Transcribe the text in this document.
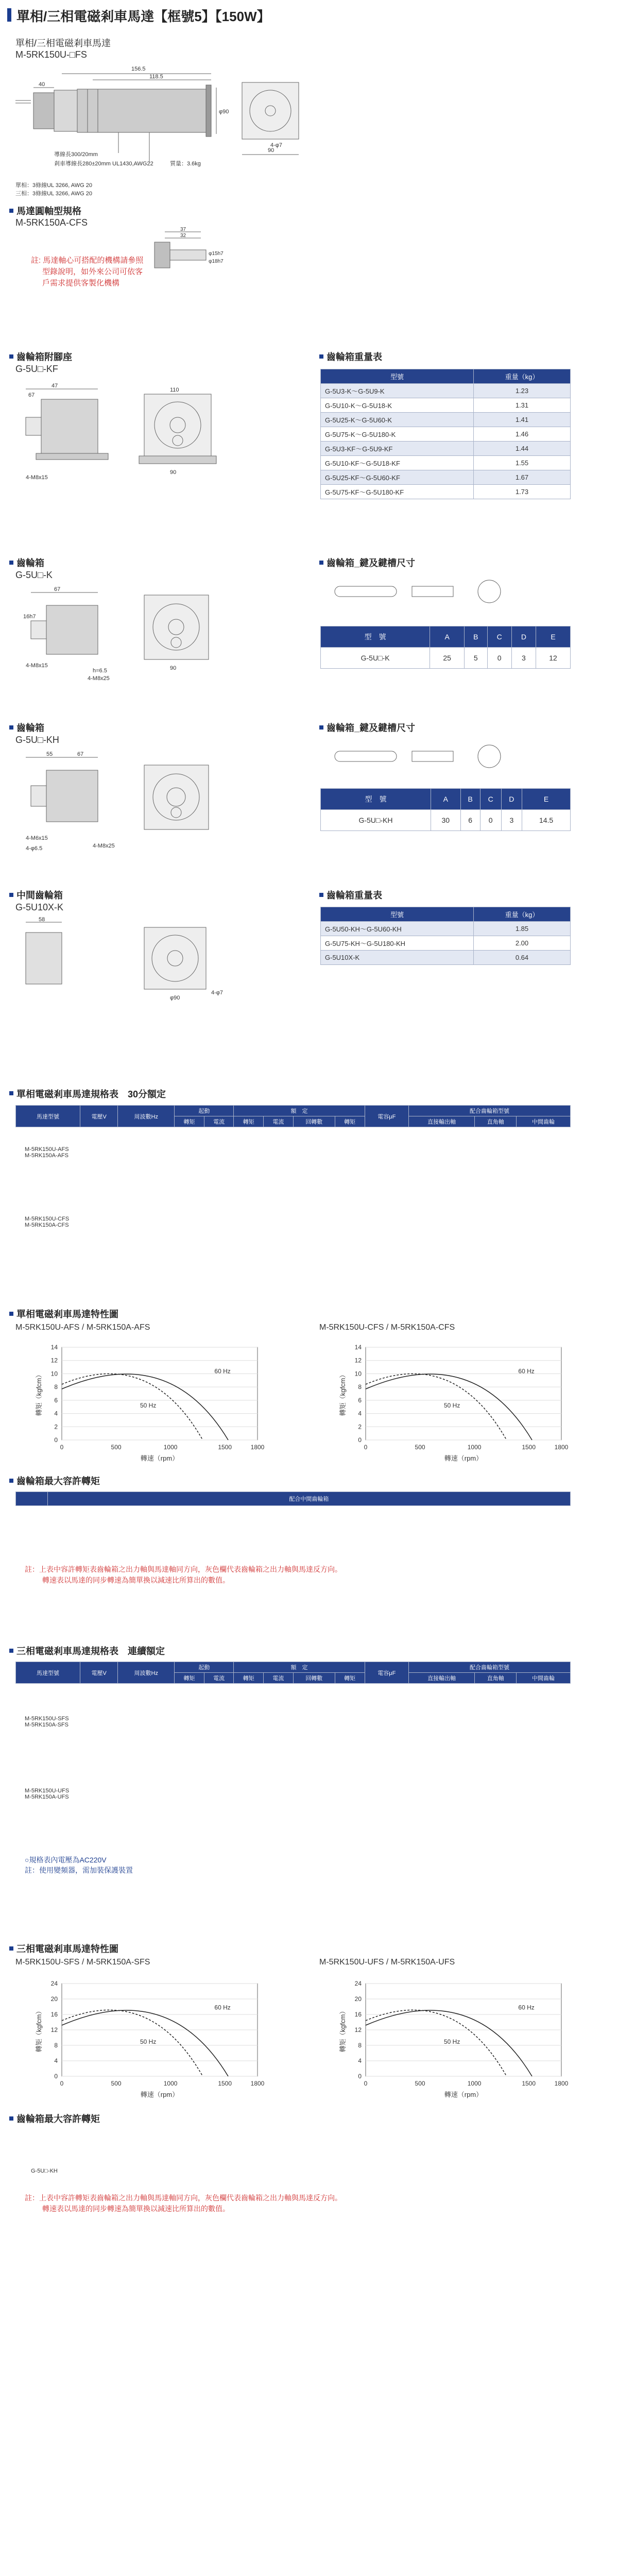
單相/三相電磁剎車馬達【框號5】【150W】
單相/三相電磁剎車馬達
M-5RK150U-□FS
156.5
118.5
40
φ90
90
4-φ7
導線長300/20mm
剎車導線長280±20mm UL1430,AWG22	質量：3.6kg
單相：3條線UL 3266, AWG 20
三相：3條線UL 3266, AWG 20
馬達圓軸型規格
M-5RK150A-CFS
37
32
φ15h7
φ18h7
註: 馬達軸心可搭配的機構請參照
型錄說明，如外來公司可依客
戶需求提供客製化機構
齒輪箱附腳座
G-5U□-KF
47
67
110
90
4-M8x15
齒輪箱重量表
型號	重量（kg）
G-5U3-K～G-5U9-K	1.23
G-5U10-K～G-5U18-K	1.31
G-5U25-K～G-5U60-K	1.41
G-5U75-K～G-5U180-K	1.46
G-5U3-KF～G-5U9-KF	1.44
G-5U10-KF～G-5U18-KF	1.55
G-5U25-KF～G-5U60-KF	1.67
G-5U75-KF～G-5U180-KF	1.73
齒輪箱
G-5U□-K
67
16h7
90
4-M8x15
h=6.5
4-M8x25
齒輪箱_鍵及鍵槽尺寸
型　號	A	B	C	D	E
G-5U□-K	25	5	0	3	12
齒輪箱
G-5U□-KH
55	67
4-M6x15
4-φ6.5	4-M8x25
齒輪箱_鍵及鍵槽尺寸
型　號	A	B	C	D	E
G-5U□-KH	30	6	0	3	14.5
中間齒輪箱
G-5U10X-K
58
φ90
4-φ7
齒輪箱重量表
型號	重量（kg）
G-5U50-KH～G-5U60-KH	1.85
G-5U75-KH～G-5U180-KH	2.00
G-5U10X-K	0.64
單相電磁剎車馬達規格表　30分額定
馬達型號	電壓V	周波數Hz	起動		額　定				電容μF	配合齒輪箱型號		
			轉矩	電流	轉矩	電流	回轉數	轉矩		直接輸出軸	直角軸	中間齒輪
M-5RK150U-AFS
M-5RK150A-AFS
M-5RK150U-CFS
M-5RK150A-CFS
單相電磁剎車馬達特性圖
M-5RK150U-AFS / M-5RK150A-AFS	M-5RK150U-CFS / M-5RK150A-CFS
0
2
4
6
8
10
12
14
0	500	1000	1500	1800
轉速（rpm）
轉矩（kgfcm）
60 Hz
50 Hz
0
2
4
6
8
10
12
14
0	500	1000	1500	1800
轉速（rpm）
轉矩（kgfcm）
60 Hz
50 Hz
齒輪箱最大容許轉矩
	配合中間齒輪箱

註：上表中容許轉矩表齒輪箱之出力軸與馬達軸同方向，灰色欄代表齒輪箱之出力軸與馬達反方向。
轉速表以馬達的同步轉速為簡單換以減速比所算出的數值。
三相電磁剎車馬達規格表　連續額定
馬達型號	電壓V	周波數Hz	起動		額　定				電容μF	配合齒輪箱型號		
			轉矩	電流	轉矩	電流	回轉數	轉矩		直接輸出軸	直角軸	中間齒輪
M-5RK150U-SFS
M-5RK150A-SFS
M-5RK150U-UFS
M-5RK150A-UFS
○規格表內電壓為AC220V
註：使用變頻器，需加裝保護裝置
三相電磁剎車馬達特性圖
M-5RK150U-SFS / M-5RK150A-SFS	M-5RK150U-UFS / M-5RK150A-UFS
0
4
8
12
16
20
24
0	500	1000	1500	1800
轉速（rpm）
轉矩（kgfcm）
60 Hz
50 Hz
0
4
8
12
16
20
24
0	500	1000	1500	1800
轉速（rpm）
轉矩（kgfcm）
60 Hz
50 Hz
齒輪箱最大容許轉矩
G-5U□-KH
註：上表中容許轉矩表齒輪箱之出力軸與馬達軸同方向，灰色欄代表齒輪箱之出力軸與馬達反方向。
轉速表以馬達的同步轉速為簡單換以減速比所算出的數值。
